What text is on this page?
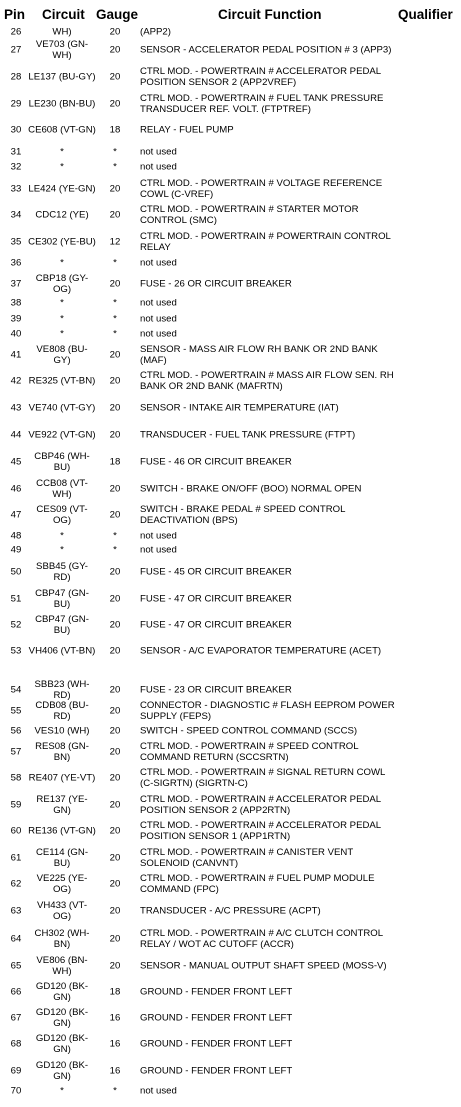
Pin Circuit Gauge	Circuit Function	Qualifier
26	WH)	20	(APP2)
27	VE703 (GN-WH)	20	SENSOR - ACCELERATOR PEDAL POSITION # 3 (APP3)
28 LE137 (BU-GY)	20	CTRL MOD. - POWERTRAIN # ACCELERATOR PEDAL POSITION SENSOR 2 (APP2VREF)
29 LE230 (BN-BU)	20	CTRL MOD. - POWERTRAIN # FUEL TANK PRESSURE TRANSDUCER REF. VOLT. (FTPTREF)
30 CE608 (VT-GN)	18	RELAY - FUEL PUMP
31	*	*	not used
32	*	*	not used
33 LE424 (YE-GN)	20	CTRL MOD. - POWERTRAIN # VOLTAGE REFERENCE COWL (C-VREF)
34	CDC12 (YE)	20	CTRL MOD. - POWERTRAIN # STARTER MOTOR CONTROL (SMC)
35 CE302 (YE-BU)	12	CTRL MOD. - POWERTRAIN # POWERTRAIN CONTROL RELAY
36	*	*	not used
37	CBP18 (GY-OG)	20	FUSE - 26 OR CIRCUIT BREAKER
38	*	*	not used
39	*	*	not used
40	*	*	not used
41	VE808 (BU-GY)	20	SENSOR - MASS AIR FLOW RH BANK OR 2ND BANK (MAF)
42 RE325 (VT-BN)	20	CTRL MOD. - POWERTRAIN # MASS AIR FLOW SEN. RH BANK OR 2ND BANK (MAFRTN)
43 VE740 (VT-GY)	20	SENSOR - INTAKE AIR TEMPERATURE (IAT)
44 VE922 (VT-GN)	20	TRANSDUCER - FUEL TANK PRESSURE (FTPT)
45	CBP46 (WH-BU)	18	FUSE - 46 OR CIRCUIT BREAKER
46	CCB08 (VT-WH)	20	SWITCH - BRAKE ON/OFF (BOO) NORMAL OPEN
47	CES09 (VT-OG)	20	SWITCH - BRAKE PEDAL # SPEED CONTROL DEACTIVATION (BPS)
48	*	*	not used
49	*	*	not used
50	SBB45 (GY-RD)	20	FUSE - 45 OR CIRCUIT BREAKER
51	CBP47 (GN-BU)	20	FUSE - 47 OR CIRCUIT BREAKER
52	CBP47 (GN-BU)	20	FUSE - 47 OR CIRCUIT BREAKER
53 VH406 (VT-BN)	20	SENSOR - A/C EVAPORATOR TEMPERATURE (ACET)
54	SBB23 (WH-RD)	20	FUSE - 23 OR CIRCUIT BREAKER
55	CDB08 (BU-RD)	20	CONNECTOR - DIAGNOSTIC # FLASH EEPROM POWER SUPPLY (FEPS)
56	VES10 (WH)	20	SWITCH - SPEED CONTROL COMMAND (SCCS)
57	RES08 (GN-BN)	20	CTRL MOD. - POWERTRAIN # SPEED CONTROL COMMAND RETURN (SCCSRTN)
58 RE407 (YE-VT)	20	CTRL MOD. - POWERTRAIN # SIGNAL RETURN COWL (C-SIGRTN) (SIGRTN-C)
59	RE137 (YE-GN)	20	CTRL MOD. - POWERTRAIN # ACCELERATOR PEDAL POSITION SENSOR 2 (APP2RTN)
60 RE136 (VT-GN)	20	CTRL MOD. - POWERTRAIN # ACCELERATOR PEDAL POSITION SENSOR 1 (APP1RTN)
61	CE114 (GN-BU)	20	CTRL MOD. - POWERTRAIN # CANISTER VENT SOLENOID (CANVNT)
62	VE225 (YE-OG)	20	CTRL MOD. - POWERTRAIN # FUEL PUMP MODULE COMMAND (FPC)
63	VH433 (VT-OG)	20	TRANSDUCER - A/C PRESSURE (ACPT)
64	CH302 (WH-BN)	20	CTRL MOD. - POWERTRAIN # A/C CLUTCH CONTROL RELAY / WOT AC CUTOFF (ACCR)
65	VE806 (BN-WH)	20	SENSOR - MANUAL OUTPUT SHAFT SPEED (MOSS-V)
66	GD120 (BK-GN)	18	GROUND - FENDER FRONT LEFT
67	GD120 (BK-GN)	16	GROUND - FENDER FRONT LEFT
68	GD120 (BK-GN)	16	GROUND - FENDER FRONT LEFT
69	GD120 (BK-GN)	16	GROUND - FENDER FRONT LEFT
70	*	*	not used
